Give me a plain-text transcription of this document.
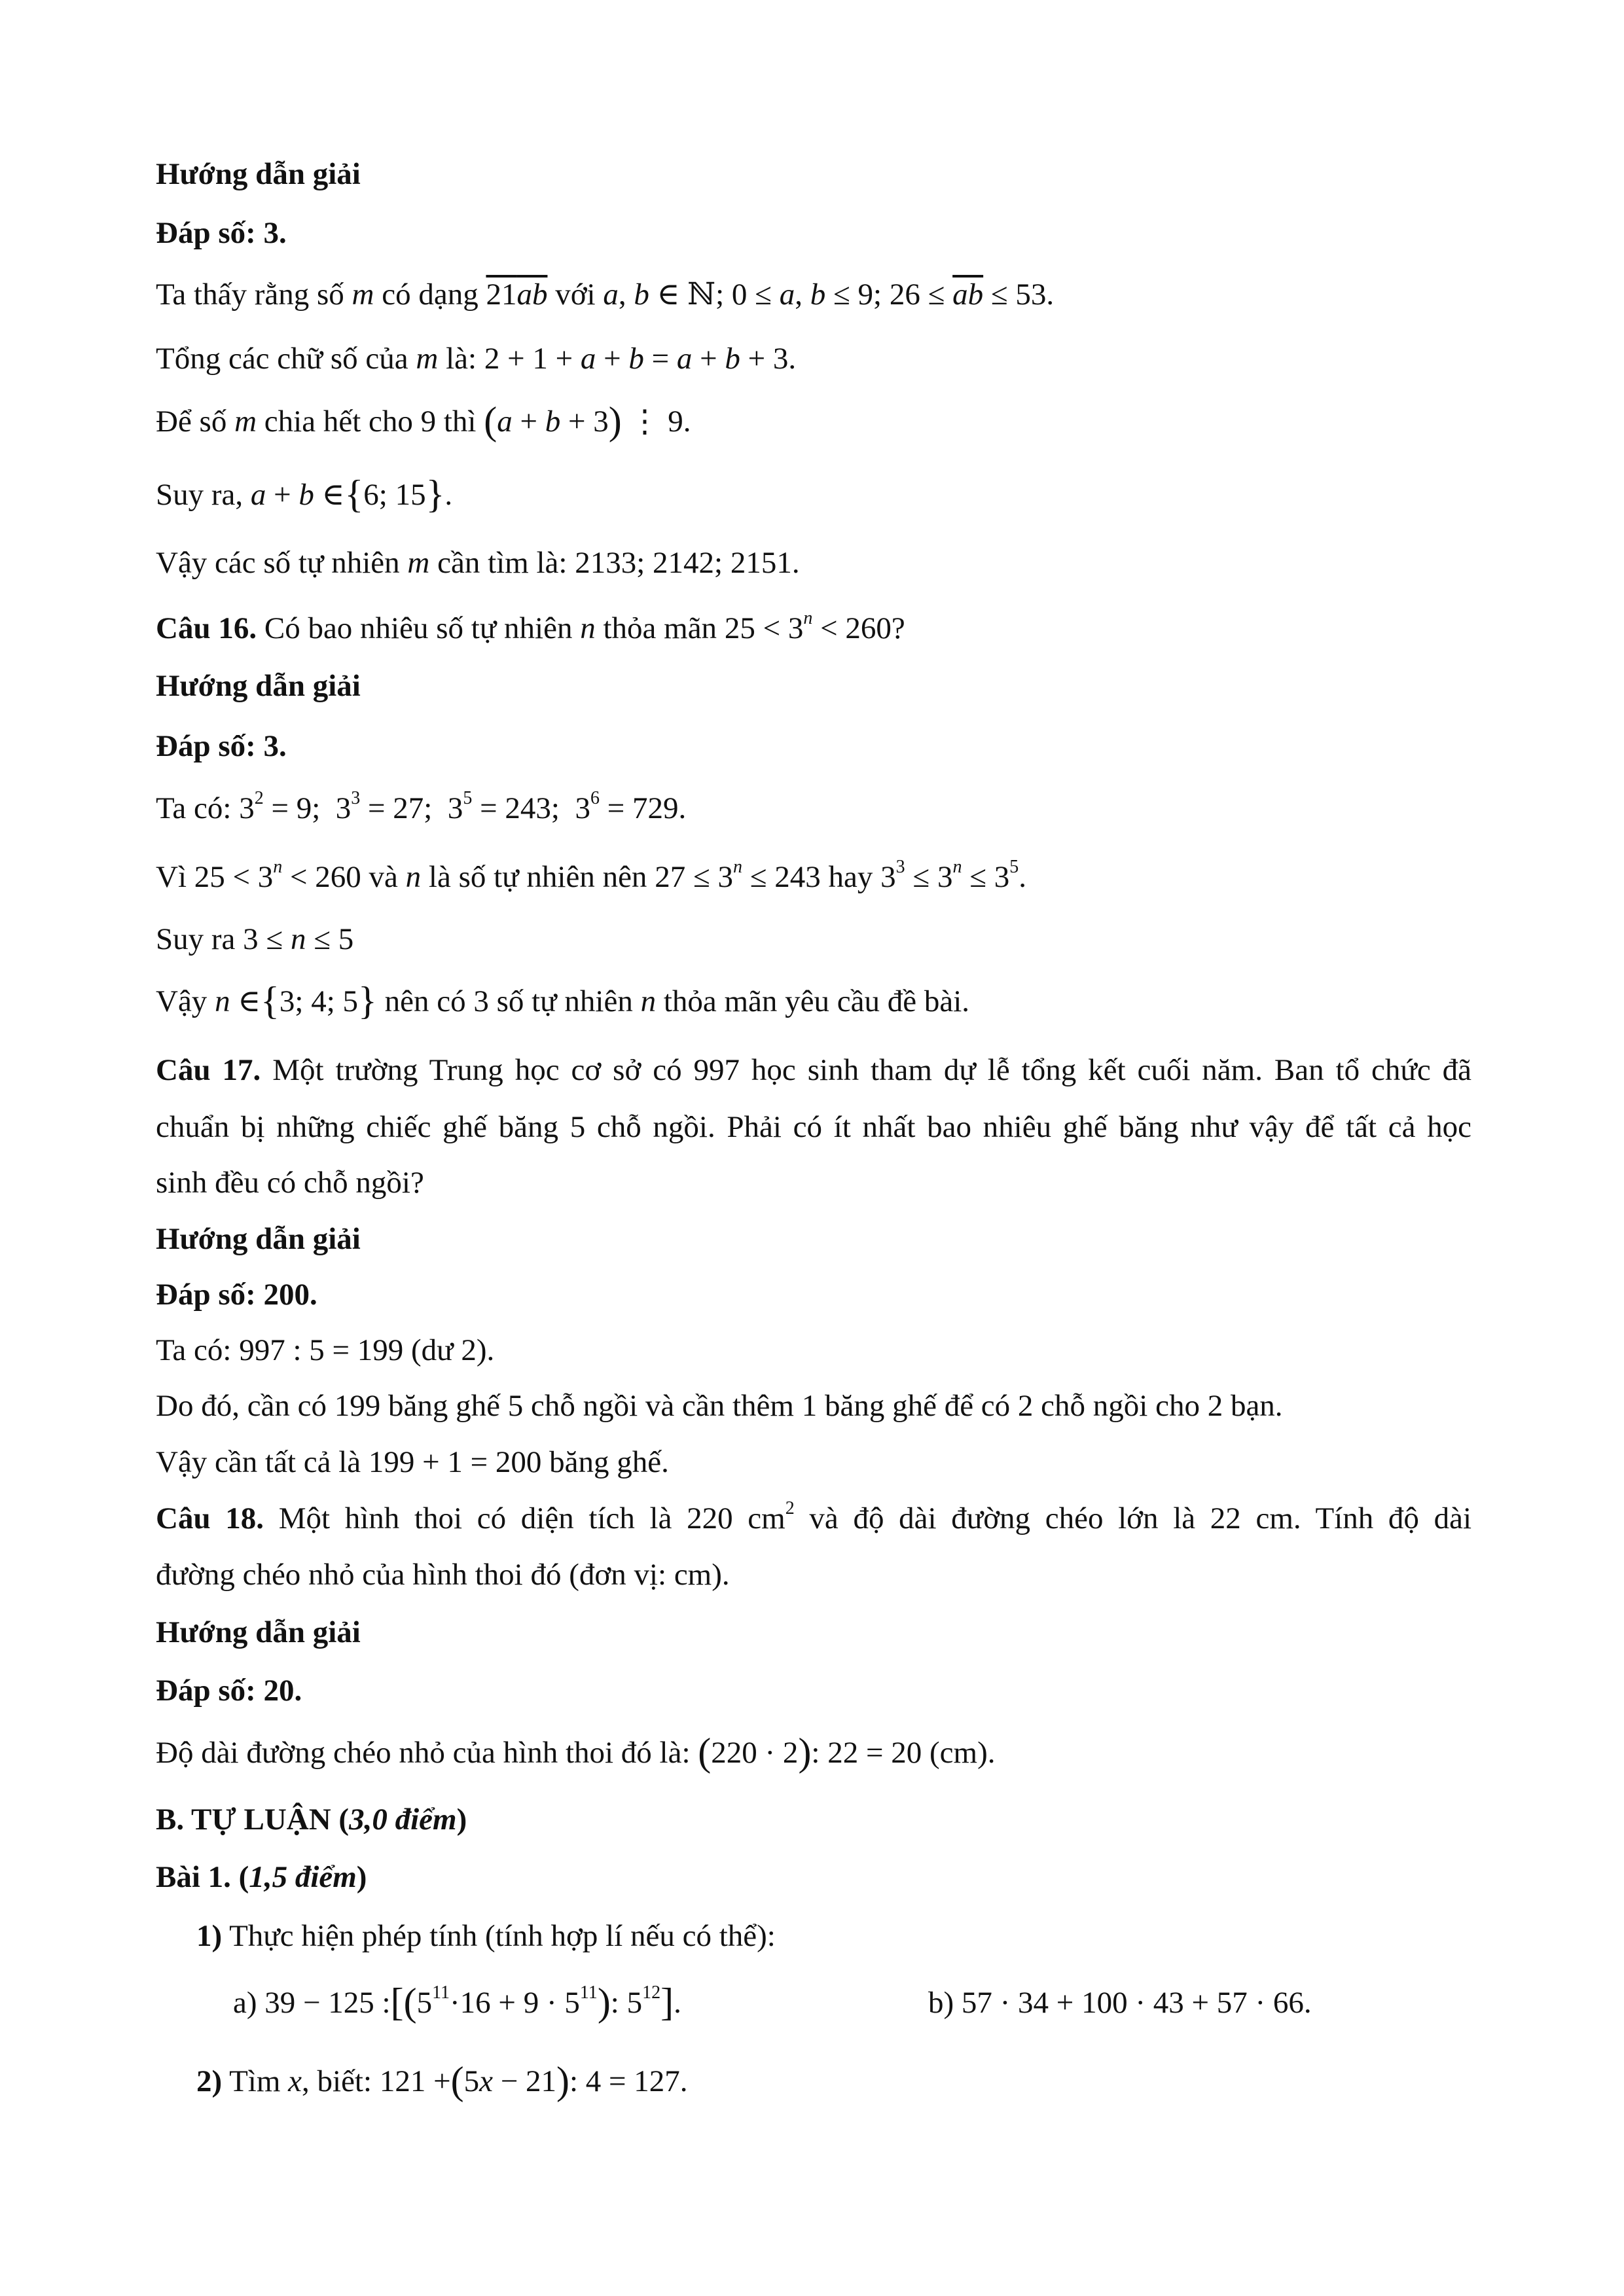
Hướng dẫn giải
Đáp số: 3.
Ta thấy rằng số m có dạng 21ab với a, b ∈ ℕ; 0 ≤ a, b ≤ 9; $26 \le \overline{ab} \le 53$.
Tổng các chữ số của m là: 2 + 1 + a + b = a + b + 3.
Để số m chia hết cho 9 thì (a + b + 3) ⋮ 9.
Suy ra, a + b ∈{6; 15}.
Vậy các số tự nhiên m cần tìm là: 2133; 2142; 2151.
Câu 16. Có bao nhiêu số tự nhiên n thỏa mãn $25 < 3^n < 260$?
Hướng dẫn giải
Đáp số: 3.
Ta có: $3^2 = 9$;  $3^3 = 27$;  $3^5 = 243$;  $3^6 = 729$.
Vì $25 < 3^n < 260$ và n là số tự nhiên nên $27 \le 3^n \le 243$ hay $3^3 \le 3^n \le 3^5$.
Suy ra 3 ≤ n ≤ 5
Vậy n ∈{3; 4; 5} nên có 3 số tự nhiên n thỏa mãn yêu cầu đề bài.
Câu 17. Một trường Trung học cơ sở có 997 học sinh tham dự lễ tổng kết cuối năm. Ban tổ chức đã
chuẩn bị những chiếc ghế băng 5 chỗ ngồi. Phải có ít nhất bao nhiêu ghế băng như vậy để tất cả học
sinh đều có chỗ ngồi?
Hướng dẫn giải
Đáp số: 200.
Ta có: 997 : 5 = 199 (dư 2).
Do đó, cần có 199 băng ghế 5 chỗ ngồi và cần thêm 1 băng ghế để có 2 chỗ ngồi cho 2 bạn.
Vậy cần tất cả là 199 + 1 = 200 băng ghế.
Câu 18. Một hình thoi có diện tích là 220 $cm^2$ và độ dài đường chéo lớn là 22 cm. Tính độ dài
đường chéo nhỏ của hình thoi đó (đơn vị: cm).
Hướng dẫn giải
Đáp số: 20.
Độ dài đường chéo nhỏ của hình thoi đó là: (220 · 2): 22 = 20 (cm).
B. TỰ LUẬN (3,0 điểm)
Bài 1. (1,5 điểm)
1) Thực hiện phép tính (tính hợp lí nếu có thể):
a) 39 − 125 $:[(5^{11}\cdot 16 + 9 \cdot 5^{11})$: $5^{12}$].	b) 57 · 34 + 100 · 43 + 57 · 66.
2) Tìm x, biết: 121 +(5x − 21): 4 = 127.
